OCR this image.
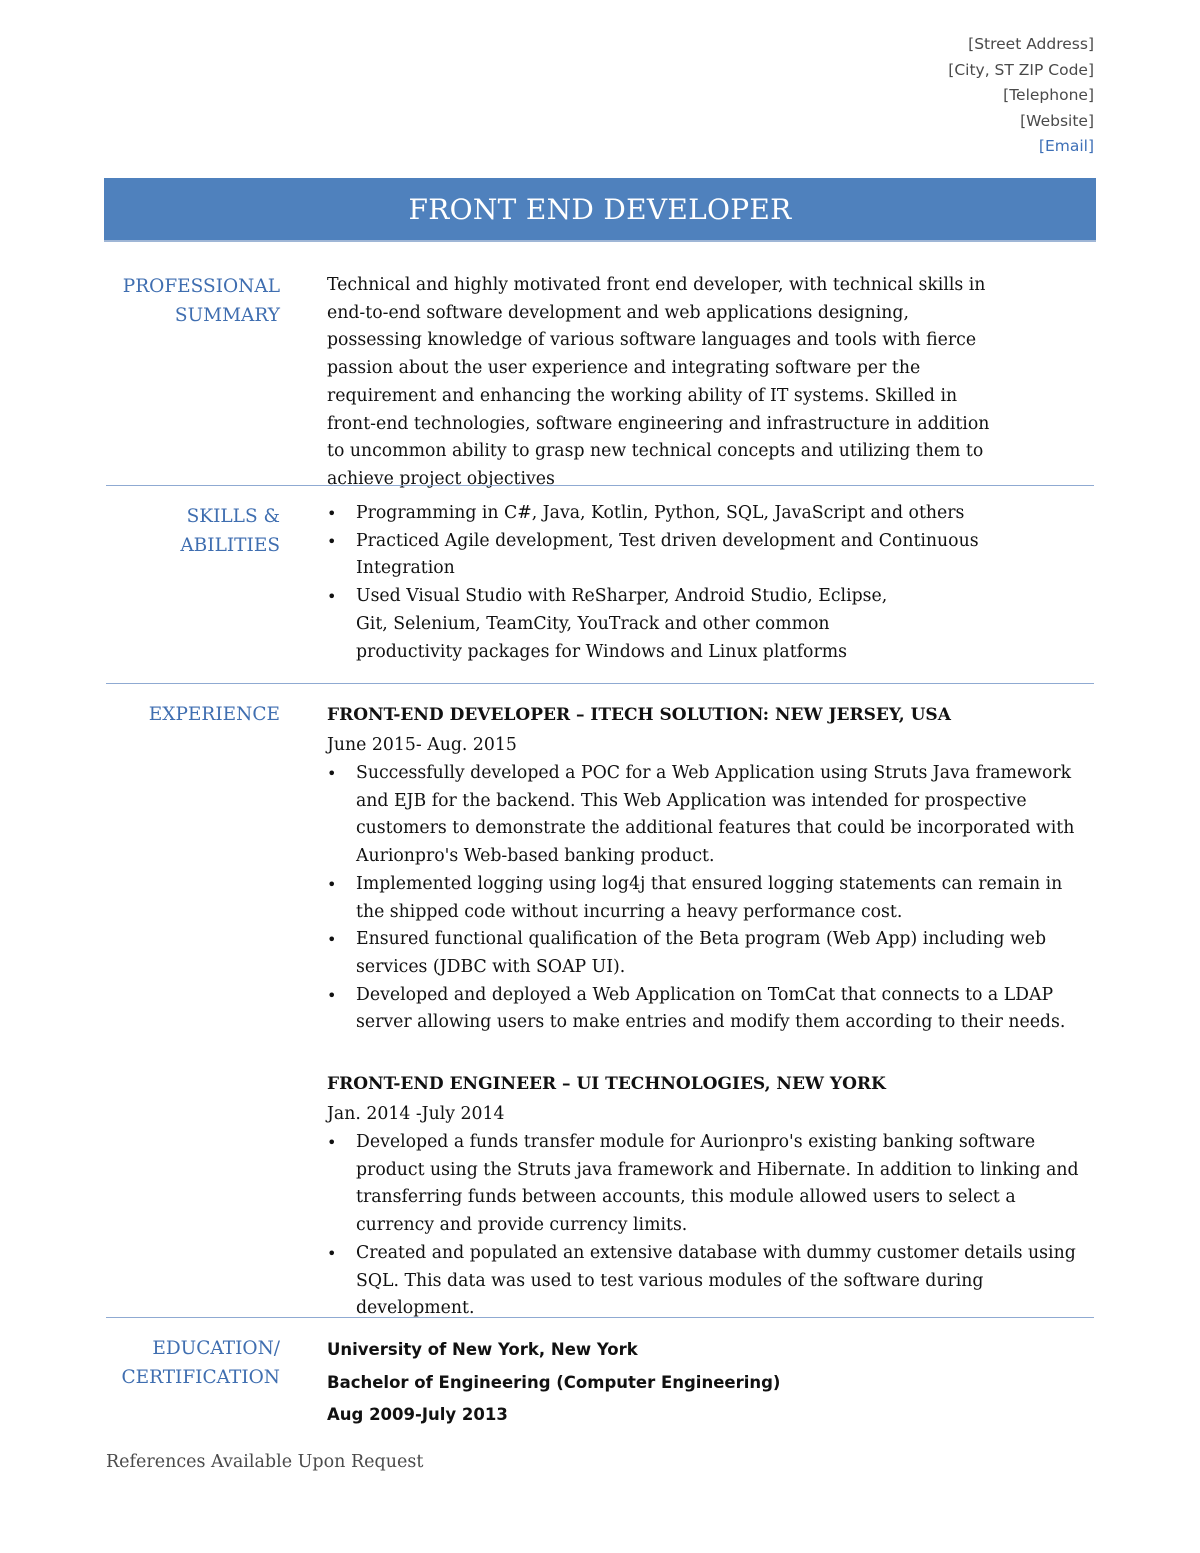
[Street Address]
[City, ST ZIP Code]
[Telephone]
[Website]
[Email]
FRONT END DEVELOPER
PROFESSIONAL
SUMMARY
Technical and highly motivated front end developer, with technical skills in end-to-end software development and web applications designing, possessing knowledge of various software languages and tools with fierce passion about the user experience and integrating software per the requirement and enhancing the working ability of IT systems. Skilled in front-end technologies, software engineering and infrastructure in addition to uncommon ability to grasp new technical concepts and utilizing them to achieve project objectives
SKILLS &
ABILITIES
• Programming in C#, Java, Kotlin, Python, SQL, JavaScript and others
• Practiced Agile development, Test driven development and Continuous Integration
• Used Visual Studio with ReSharper, Android Studio, Eclipse, Git, Selenium, TeamCity, YouTrack and other common productivity packages for Windows and Linux platforms
EXPERIENCE	FRONT-END DEVELOPER – ITECH SOLUTION: NEW JERSEY, USA
June 2015- Aug. 2015
• Successfully developed a POC for a Web Application using Struts Java framework and EJB for the backend. This Web Application was intended for prospective customers to demonstrate the additional features that could be incorporated with Aurionpro's Web-based banking product.
• Implemented logging using log4j that ensured logging statements can remain in the shipped code without incurring a heavy performance cost.
• Ensured functional qualification of the Beta program (Web App) including web services (JDBC with SOAP UI).
• Developed and deployed a Web Application on TomCat that connects to a LDAP server allowing users to make entries and modify them according to their needs.
FRONT-END ENGINEER – UI TECHNOLOGIES, NEW YORK
Jan. 2014 -July 2014
• Developed a funds transfer module for Aurionpro's existing banking software product using the Struts java framework and Hibernate. In addition to linking and transferring funds between accounts, this module allowed users to select a currency and provide currency limits.
• Created and populated an extensive database with dummy customer details using SQL. This data was used to test various modules of the software during development.
EDUCATION/
CERTIFICATION
University of New York, New York
Bachelor of Engineering (Computer Engineering)
Aug 2009-July 2013
References Available Upon Request
